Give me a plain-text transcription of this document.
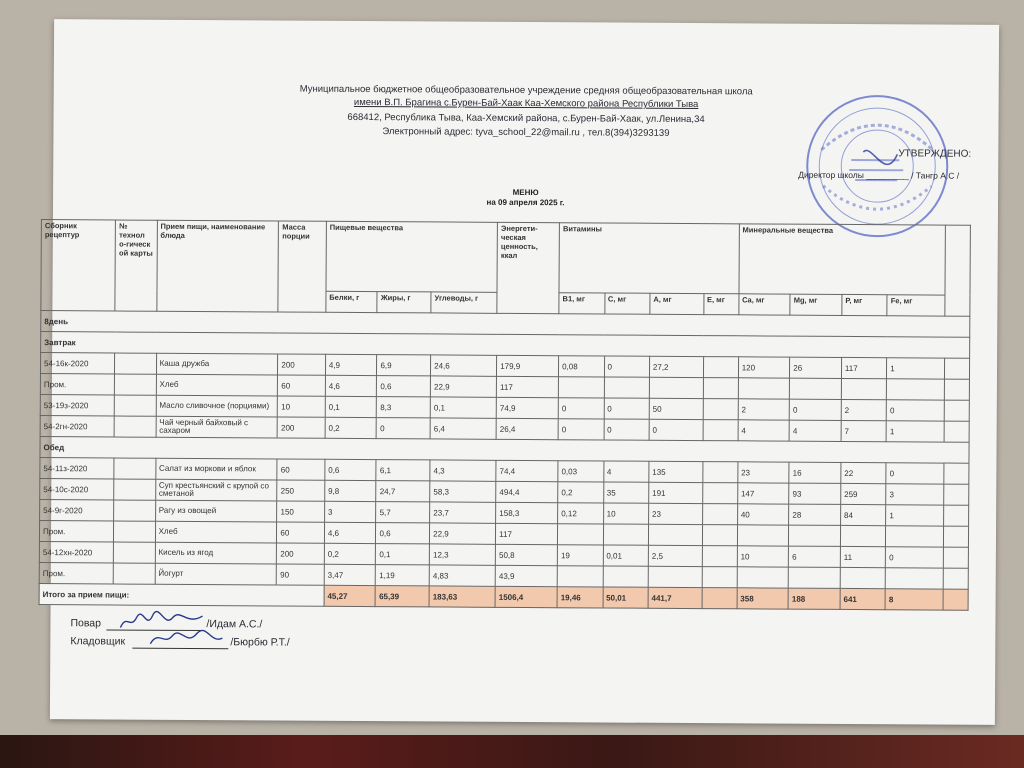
Муниципальное бюджетное общеобразовательное учреждение средняя общеобразовательная школа
имени В.П. Брагина с.Бурен-Бай-Хаак Каа-Хемского района Республики Тыва
668412, Республика Тыва, Каа-Хемский района, с.Бурен-Бай-Хаак, ул.Ленина,34
Электронный адрес: tyva_school_22@mail.ru , тел.8(394)3293139
УТВЕРЖДЕНО:
Директор школы _________ / Тангр А.С /
МЕНЮ
на 09 апреля 2025 г.
Сборник рецептур	№ технол о-гическ ой карты	Прием пищи, наименование блюда	Масса порции	Пищевые вещества			Энергети-ческая ценность, ккал	Витамины				Минеральные вещества				
				Белки, г	Жиры, г	Углеводы, г		B1, мг	C, мг	A, мг	E, мг	Ca, мг	Mg, мг	P, мг	Fe, мг	
8день																
Завтрак																
54-16к-2020		Каша дружба	200	4,9	6,9	24,6	179,9	0,08	0	27,2		120	26	117	1	
Пром.		Хлеб	60	4,6	0,6	22,9	117									
53-19з-2020		Масло сливочное (порциями)	10	0,1	8,3	0,1	74,9	0	0	50		2	0	2	0	
54-2гн-2020		Чай черный байховый с сахаром	200	0,2	0	6,4	26,4	0	0	0		4	4	7	1	
Обед																
54-11з-2020		Салат из моркови и яблок	60	0,6	6,1	4,3	74,4	0,03	4	135		23	16	22	0	
54-10с-2020		Суп крестьянский с крупой со сметаной	250	9,8	24,7	58,3	494,4	0,2	35	191		147	93	259	3	
54-9г-2020		Рагу из овощей	150	3	5,7	23,7	158,3	0,12	10	23		40	28	84	1	
Пром.		Хлеб	60	4,6	0,6	22,9	117									
54-12хн-2020		Кисель из ягод	200	0,2	0,1	12,3	50,8	19	0,01	2,5		10	6	11	0	
Пром.		Йогурт	90	3,47	1,19	4,83	43,9									
Итого за прием пищи:				45,27	65,39	183,63	1506,4	19,46	50,01	441,7		358	188	641	8	
Повар	/Идам А.С./
Кладовщик	/Бюрбю Р.Т./
